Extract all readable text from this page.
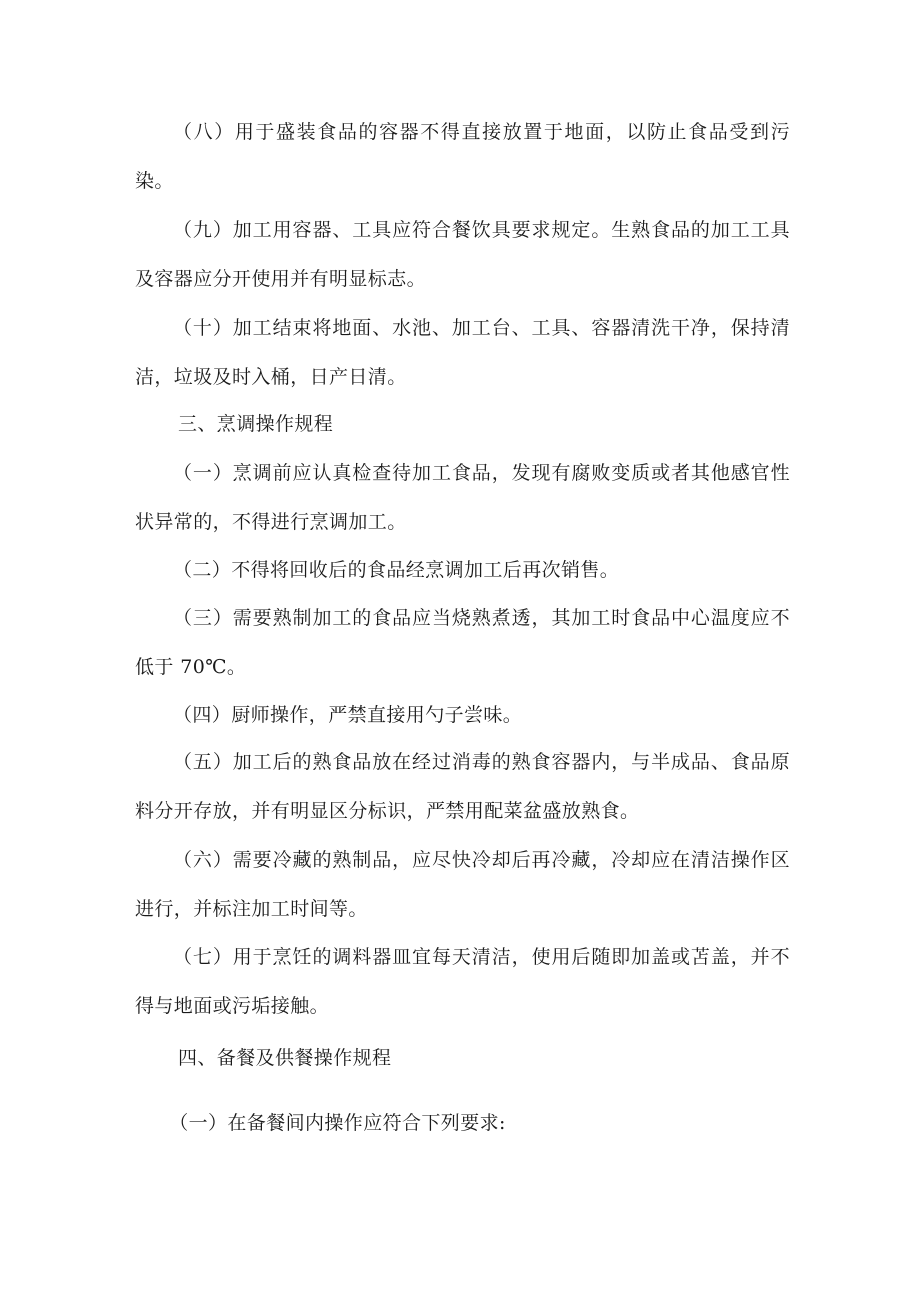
（八）用于盛装食品的容器不得直接放置于地面，以防止食品受到污染。

（九）加工用容器、工具应符合餐饮具要求规定。生熟食品的加工工具及容器应分开使用并有明显标志。

（十）加工结束将地面、水池、加工台、工具、容器清洗干净，保持清洁，垃圾及时入桶，日产日清。

三、烹调操作规程

（一）烹调前应认真检查待加工食品，发现有腐败变质或者其他感官性状异常的，不得进行烹调加工。

（二）不得将回收后的食品经烹调加工后再次销售。

（三）需要熟制加工的食品应当烧熟煮透，其加工时食品中心温度应不低于 70℃。

（四）厨师操作，严禁直接用勺子尝味。

（五）加工后的熟食品放在经过消毒的熟食容器内，与半成品、食品原料分开存放，并有明显区分标识，严禁用配菜盆盛放熟食。

（六）需要冷藏的熟制品，应尽快冷却后再冷藏，冷却应在清洁操作区进行，并标注加工时间等。

（七）用于烹饪的调料器皿宜每天清洁，使用后随即加盖或苫盖，并不得与地面或污垢接触。

四、备餐及供餐操作规程

（一）在备餐间内操作应符合下列要求:
